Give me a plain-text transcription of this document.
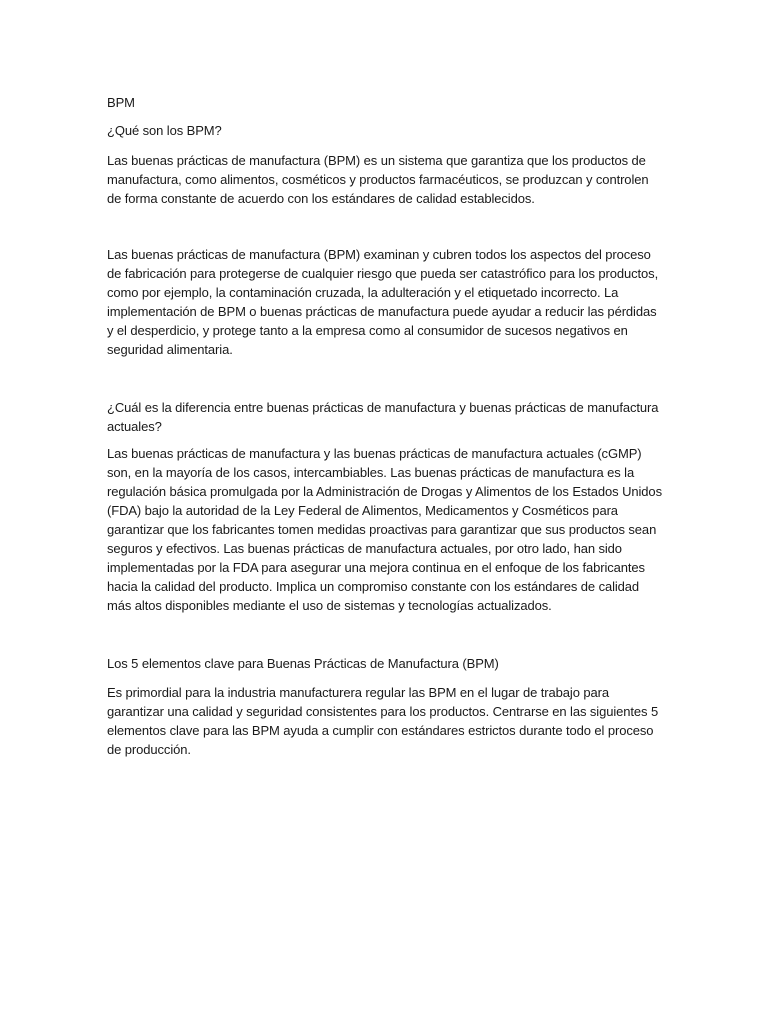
BPM

¿Qué son los BPM?

Las buenas prácticas de manufactura (BPM) es un sistema que garantiza que los productos de manufactura, como alimentos, cosméticos y productos farmacéuticos, se produzcan y controlen de forma constante de acuerdo con los estándares de calidad establecidos.

Las buenas prácticas de manufactura (BPM) examinan y cubren todos los aspectos del proceso de fabricación para protegerse de cualquier riesgo que pueda ser catastrófico para los productos, como por ejemplo, la contaminación cruzada, la adulteración y el etiquetado incorrecto. La implementación de BPM o buenas prácticas de manufactura puede ayudar a reducir las pérdidas y el desperdicio, y protege tanto a la empresa como al consumidor de sucesos negativos en seguridad alimentaria.

¿Cuál es la diferencia entre buenas prácticas de manufactura y buenas prácticas de manufactura actuales?

Las buenas prácticas de manufactura y las buenas prácticas de manufactura actuales (cGMP) son, en la mayoría de los casos, intercambiables. Las buenas prácticas de manufactura es la regulación básica promulgada por la Administración de Drogas y Alimentos de los Estados Unidos (FDA) bajo la autoridad de la Ley Federal de Alimentos, Medicamentos y Cosméticos para garantizar que los fabricantes tomen medidas proactivas para garantizar que sus productos sean seguros y efectivos. Las buenas prácticas de manufactura actuales, por otro lado, han sido implementadas por la FDA para asegurar una mejora continua en el enfoque de los fabricantes hacia la calidad del producto. Implica un compromiso constante con los estándares de calidad más altos disponibles mediante el uso de sistemas y tecnologías actualizados.

Los 5 elementos clave para Buenas Prácticas de Manufactura (BPM)

Es primordial para la industria manufacturera regular las BPM en el lugar de trabajo para garantizar una calidad y seguridad consistentes para los productos. Centrarse en las siguientes 5 elementos clave para las BPM ayuda a cumplir con estándares estrictos durante todo el proceso de producción.
